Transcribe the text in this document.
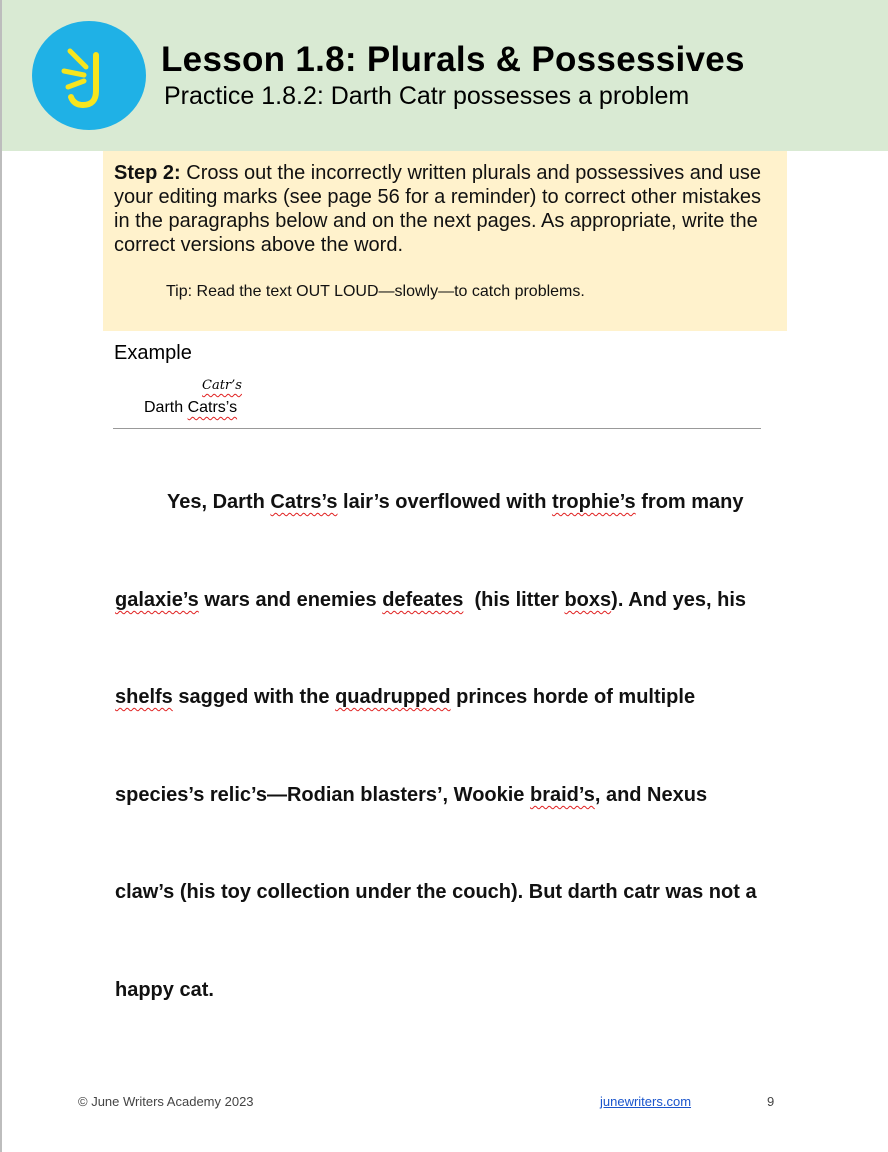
Lesson 1.8: Plurals & Possessives
Practice 1.8.2: Darth Catr possesses a problem
Step 2: Cross out the incorrectly written plurals and possessives and use your editing marks (see page 56 for a reminder) to correct other mistakes in the paragraphs below and on the next pages. As appropriate, write the correct versions above the word.
Tip: Read the text OUT LOUD—slowly—to catch problems.
Example
Catr’s
Darth Catrs’s
Yes, Darth Catrs’s lair’s overflowed with trophie’s from many
galaxie’s wars and enemies defeates  (his litter boxs). And yes, his
shelfs sagged with the quadrupped princes horde of multiple
species’s relic’s—Rodian blasters’, Wookie braid’s, and Nexus
claw’s (his toy collection under the couch). But darth catr was not a
happy cat.
© June Writers Academy 2023	junewriters.com	9
